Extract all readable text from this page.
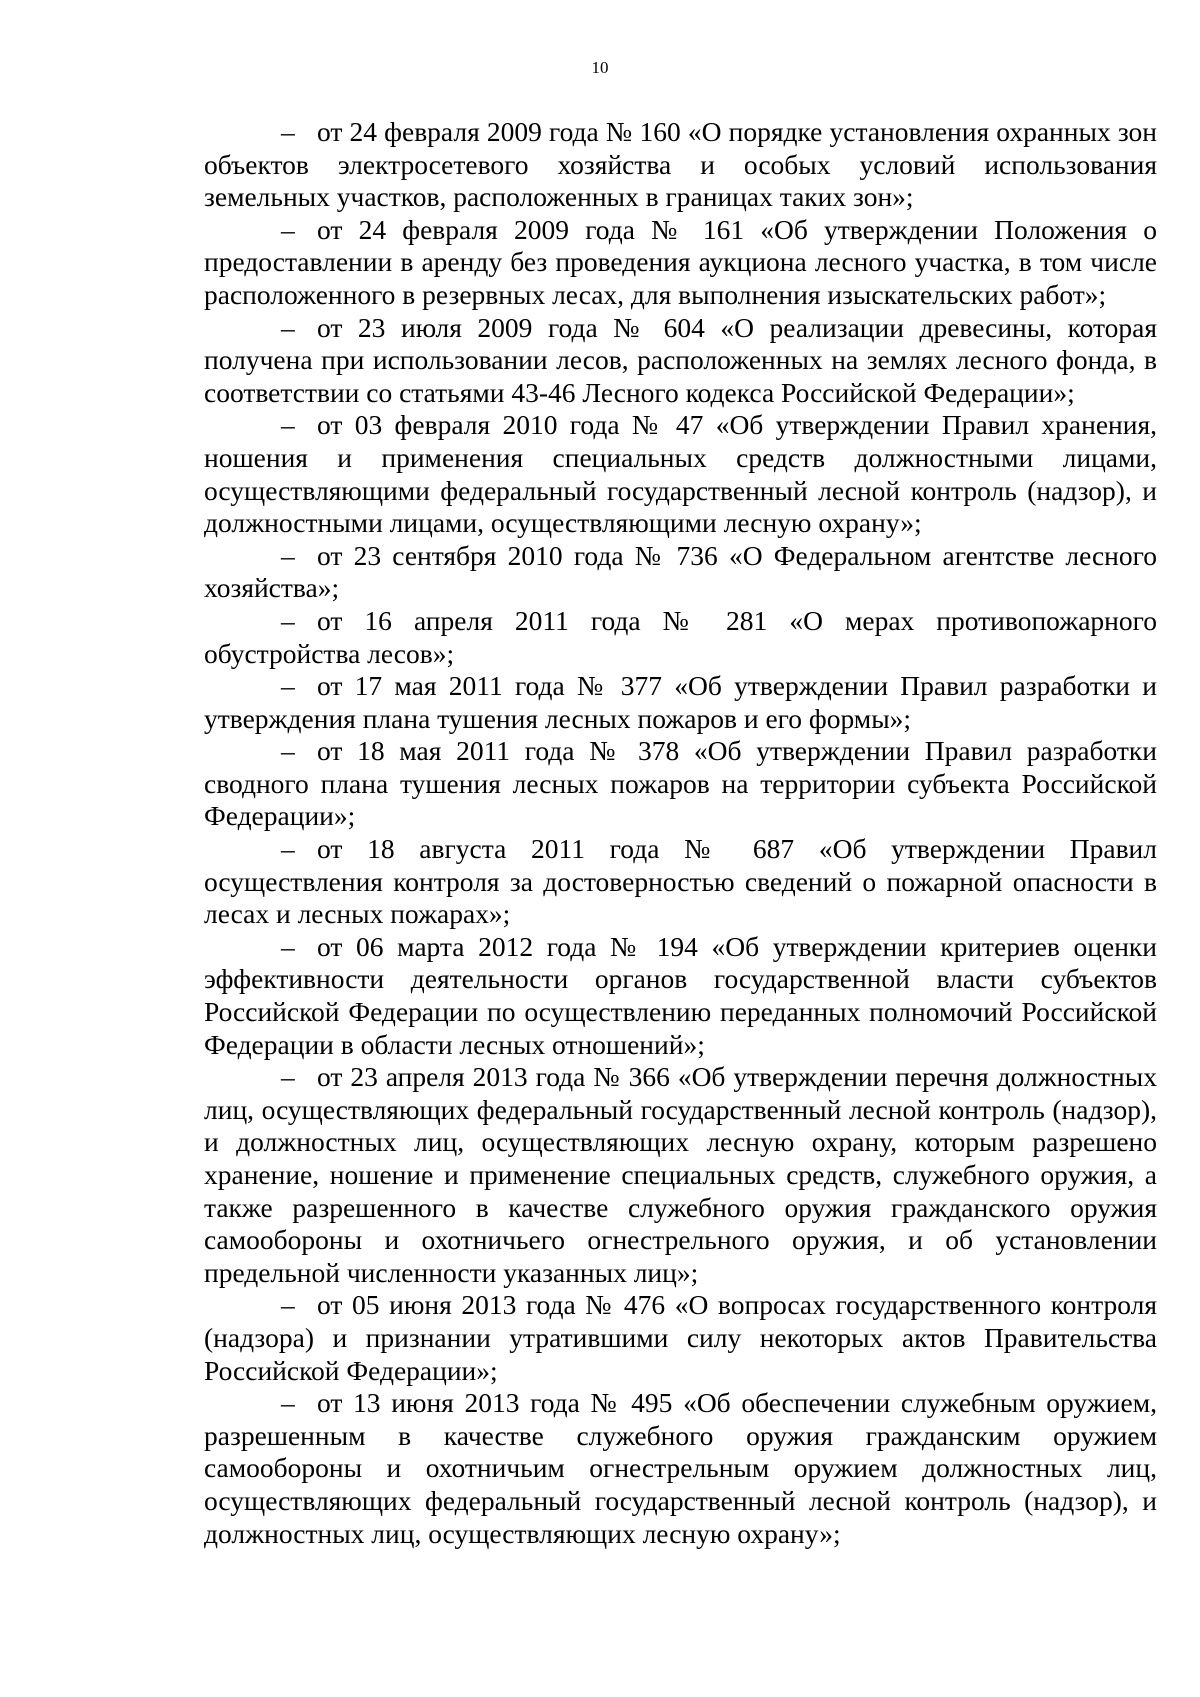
10

– от 24 февраля 2009 года № 160 «О порядке установления охранных зон объектов электросетевого хозяйства и особых условий использования земельных участков, расположенных в границах таких зон»;

– от 24 февраля 2009 года № 161 «Об утверждении Положения о предоставлении в аренду без проведения аукциона лесного участка, в том числе расположенного в резервных лесах, для выполнения изыскательских работ»;

– от 23 июля 2009 года № 604 «О реализации древесины, которая получена при использовании лесов, расположенных на землях лесного фонда, в соответствии со статьями 43-46 Лесного кодекса Российской Федерации»;

– от 03 февраля 2010 года № 47 «Об утверждении Правил хранения, ношения и применения специальных средств должностными лицами, осуществляющими федеральный государственный лесной контроль (надзор), и должностными лицами, осуществляющими лесную охрану»;

– от 23 сентября 2010 года № 736 «О Федеральном агентстве лесного хозяйства»;

– от 16 апреля 2011 года № 281 «О мерах противопожарного обустройства лесов»;

– от 17 мая 2011 года № 377 «Об утверждении Правил разработки и утверждения плана тушения лесных пожаров и его формы»;

– от 18 мая 2011 года № 378 «Об утверждении Правил разработки сводного плана тушения лесных пожаров на территории субъекта Российской Федерации»;

– от 18 августа 2011 года № 687 «Об утверждении Правил осуществления контроля за достоверностью сведений о пожарной опасности в лесах и лесных пожарах»;

– от 06 марта 2012 года № 194 «Об утверждении критериев оценки эффективности деятельности органов государственной власти субъектов Российской Федерации по осуществлению переданных полномочий Российской Федерации в области лесных отношений»;

– от 23 апреля 2013 года № 366 «Об утверждении перечня должностных лиц, осуществляющих федеральный государственный лесной контроль (надзор), и должностных лиц, осуществляющих лесную охрану, которым разрешено хранение, ношение и применение специальных средств, служебного оружия, а также разрешенного в качестве служебного оружия гражданского оружия самообороны и охотничьего огнестрельного оружия, и об установлении предельной численности указанных лиц»;

– от 05 июня 2013 года № 476 «О вопросах государственного контроля (надзора) и признании утратившими силу некоторых актов Правительства Российской Федерации»;

– от 13 июня 2013 года № 495 «Об обеспечении служебным оружием, разрешенным в качестве служебного оружия гражданским оружием самообороны и охотничьим огнестрельным оружием должностных лиц, осуществляющих федеральный государственный лесной контроль (надзор), и должностных лиц, осуществляющих лесную охрану»;
